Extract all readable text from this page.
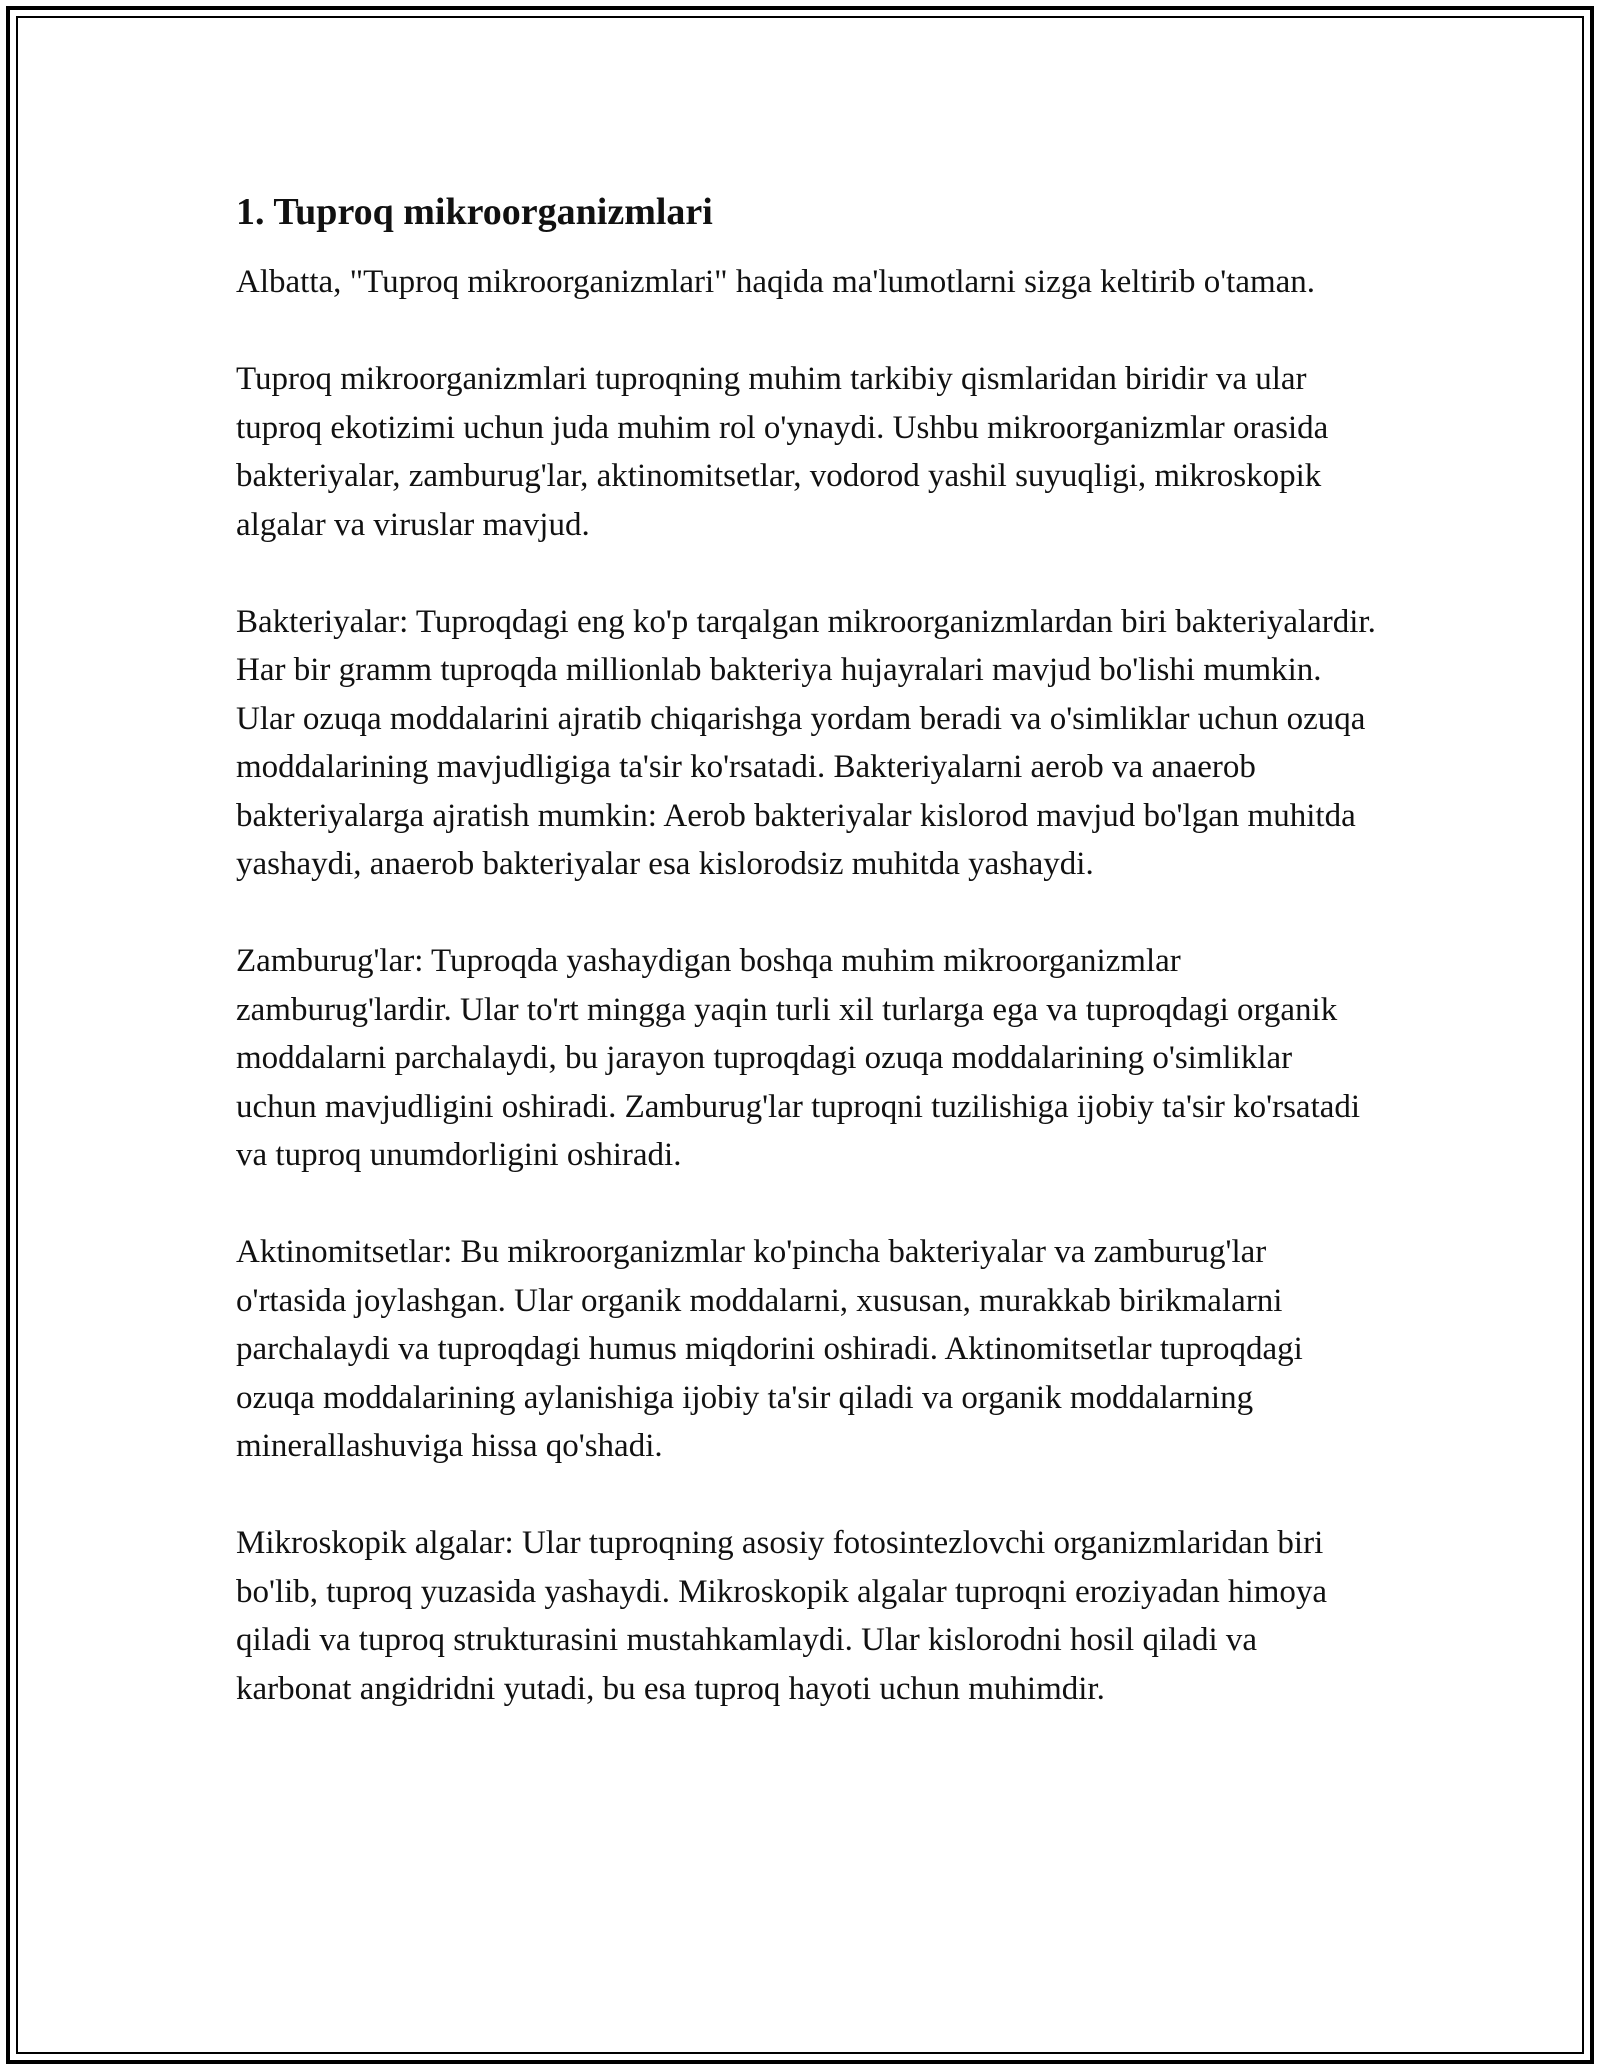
1. Tuproq mikroorganizmlari

Albatta, "Tuproq mikroorganizmlari" haqida ma'lumotlarni sizga keltirib o'taman.

Tuproq mikroorganizmlari tuproqning muhim tarkibiy qismlaridan biridir va ular tuproq ekotizimi uchun juda muhim rol o'ynaydi. Ushbu mikroorganizmlar orasida bakteriyalar, zamburug'lar, aktinomitsetlar, vodorod yashil suyuqligi, mikroskopik algalar va viruslar mavjud.

Bakteriyalar: Tuproqdagi eng ko'p tarqalgan mikroorganizmlardan biri bakteriyalardir. Har bir gramm tuproqda millionlab bakteriya hujayralari mavjud bo'lishi mumkin. Ular ozuqa moddalarini ajratib chiqarishga yordam beradi va o'simliklar uchun ozuqa moddalarining mavjudligiga ta'sir ko'rsatadi. Bakteriyalarni aerob va anaerob bakteriyalarga ajratish mumkin: Aerob bakteriyalar kislorod mavjud bo'lgan muhitda yashaydi, anaerob bakteriyalar esa kislorodsiz muhitda yashaydi.

Zamburug'lar: Tuproqda yashaydigan boshqa muhim mikroorganizmlar zamburug'lardir. Ular to'rt mingga yaqin turli xil turlarga ega va tuproqdagi organik moddalarni parchalaydi, bu jarayon tuproqdagi ozuqa moddalarining o'simliklar uchun mavjudligini oshiradi. Zamburug'lar tuproqni tuzilishiga ijobiy ta'sir ko'rsatadi va tuproq unumdorligini oshiradi.

Aktinomitsetlar: Bu mikroorganizmlar ko'pincha bakteriyalar va zamburug'lar o'rtasida joylashgan. Ular organik moddalarni, xususan, murakkab birikmalarni parchalaydi va tuproqdagi humus miqdorini oshiradi. Aktinomitsetlar tuproqdagi ozuqa moddalarining aylanishiga ijobiy ta'sir qiladi va organik moddalarning minerallashuviga hissa qo'shadi.

Mikroskopik algalar: Ular tuproqning asosiy fotosintezlovchi organizmlaridan biri bo'lib, tuproq yuzasida yashaydi. Mikroskopik algalar tuproqni eroziyadan himoya qiladi va tuproq strukturasini mustahkamlaydi. Ular kislorodni hosil qiladi va karbonat angidridni yutadi, bu esa tuproq hayoti uchun muhimdir.
